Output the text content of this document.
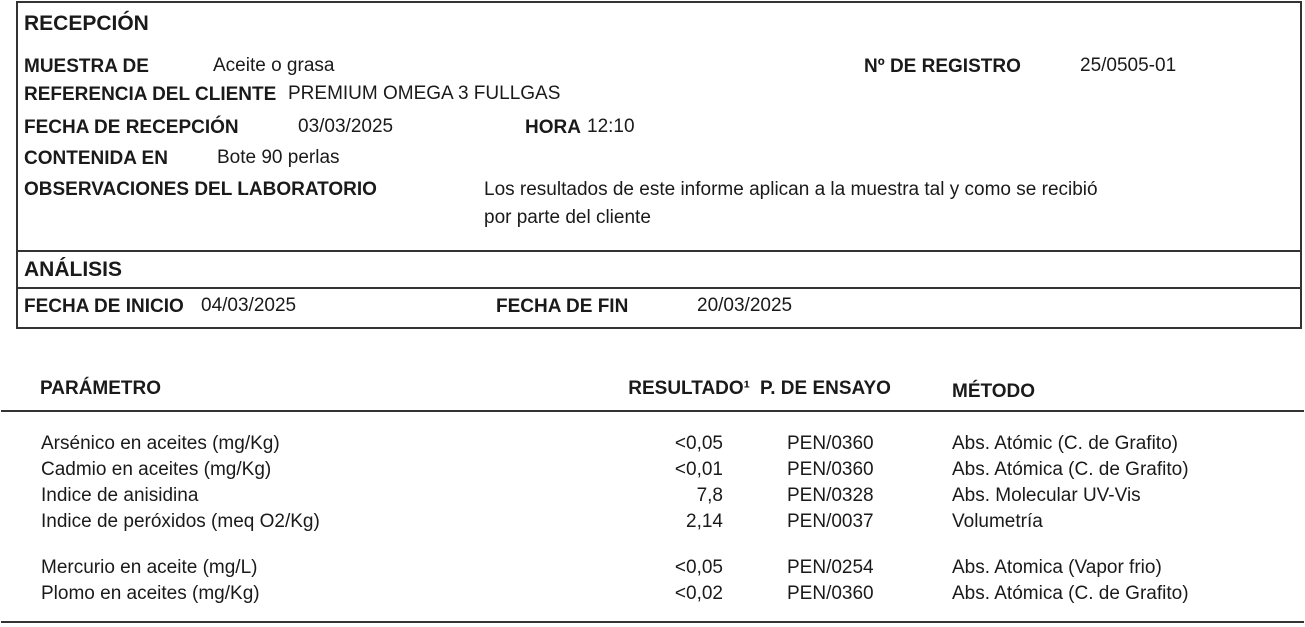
RECEPCIÓN
MUESTRA DE	Aceite o grasa	Nº DE REGISTRO	25/0505-01
REFERENCIA DEL CLIENTE PREMIUM OMEGA 3 FULLGAS
FECHA DE RECEPCIÓN	03/03/2025	HORA 12:10
CONTENIDA EN	Bote 90 perlas
OBSERVACIONES DEL LABORATORIO	Los resultados de este informe aplican a la muestra tal y como se recibió
por parte del cliente
ANÁLISIS
FECHA DE INICIO 04/03/2025	FECHA DE FIN	20/03/2025
PARÁMETRO	RESULTADO¹ P. DE ENSAYO	MÉTODO
Arsénico en aceites (mg/Kg)	<0,05	PEN/0360	Abs. Atómic (C. de Grafito)
Cadmio en aceites (mg/Kg)	<0,01	PEN/0360	Abs. Atómica (C. de Grafito)
Indice de anisidina	7,8	PEN/0328	Abs. Molecular UV-Vis
Indice de peróxidos (meq O2/Kg)	2,14	PEN/0037	Volumetría
Mercurio en aceite (mg/L)	<0,05	PEN/0254	Abs. Atomica (Vapor frio)
Plomo en aceites (mg/Kg)	<0,02	PEN/0360	Abs. Atómica (C. de Grafito)
